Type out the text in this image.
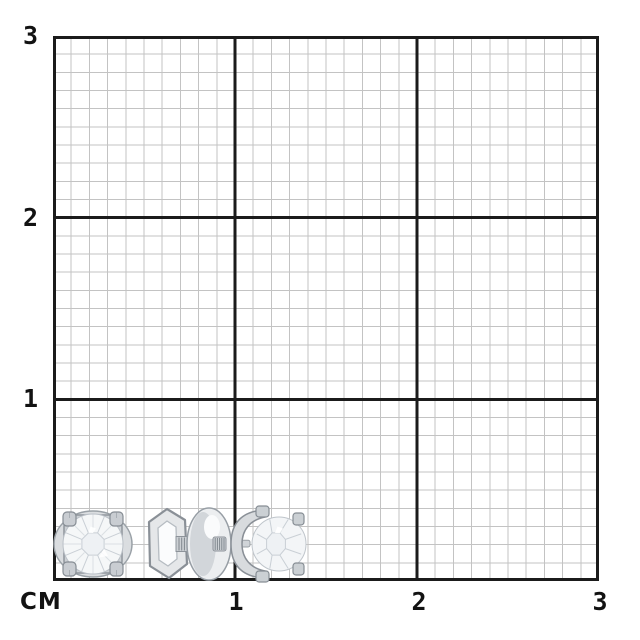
3
2
1
СМ	1	2	3
